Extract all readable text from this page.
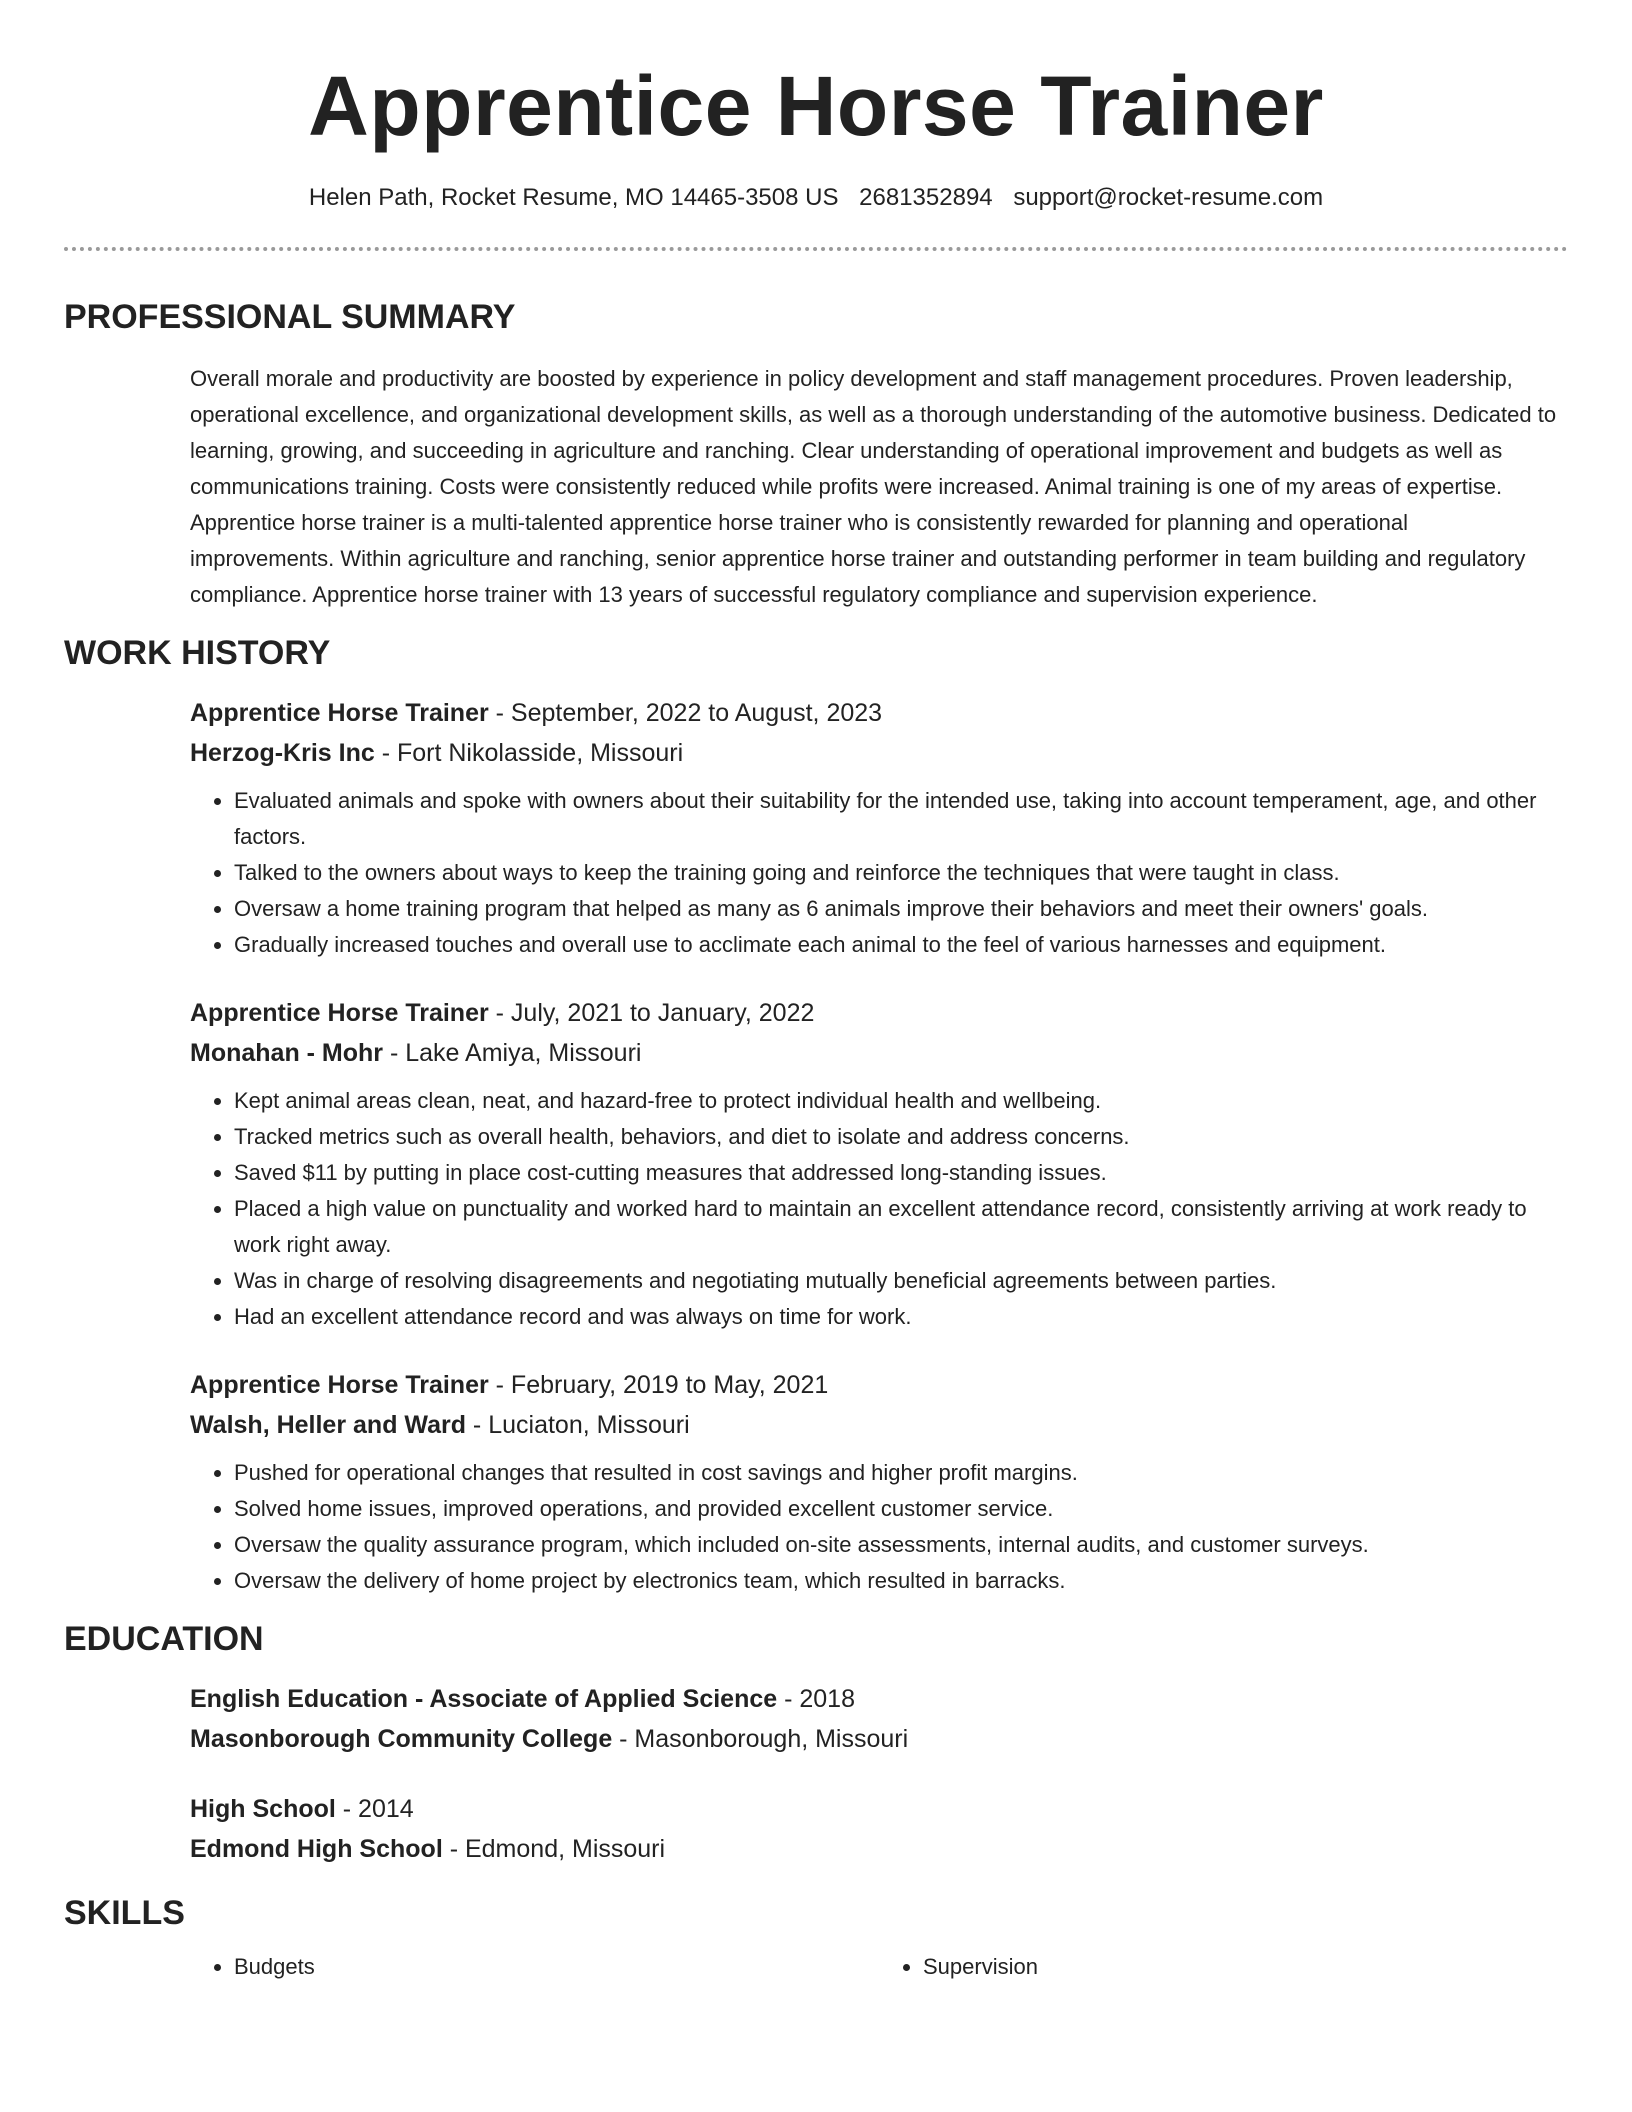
Apprentice Horse Trainer
Helen Path, Rocket Resume, MO 14465-3508 US 2681352894 support@rocket-resume.com
PROFESSIONAL SUMMARY
Overall morale and productivity are boosted by experience in policy development and staff management procedures. Proven leadership, operational excellence, and organizational development skills, as well as a thorough understanding of the automotive business. Dedicated to learning, growing, and succeeding in agriculture and ranching. Clear understanding of operational improvement and budgets as well as communications training. Costs were consistently reduced while profits were increased. Animal training is one of my areas of expertise. Apprentice horse trainer is a multi-talented apprentice horse trainer who is consistently rewarded for planning and operational improvements. Within agriculture and ranching, senior apprentice horse trainer and outstanding performer in team building and regulatory compliance. Apprentice horse trainer with 13 years of successful regulatory compliance and supervision experience.
WORK HISTORY
Apprentice Horse Trainer - September, 2022 to August, 2023
Herzog-Kris Inc - Fort Nikolasside, Missouri
• Evaluated animals and spoke with owners about their suitability for the intended use, taking into account temperament, age, and other factors.
• Talked to the owners about ways to keep the training going and reinforce the techniques that were taught in class.
• Oversaw a home training program that helped as many as 6 animals improve their behaviors and meet their owners' goals.
• Gradually increased touches and overall use to acclimate each animal to the feel of various harnesses and equipment.
Apprentice Horse Trainer - July, 2021 to January, 2022
Monahan - Mohr - Lake Amiya, Missouri
• Kept animal areas clean, neat, and hazard-free to protect individual health and wellbeing.
• Tracked metrics such as overall health, behaviors, and diet to isolate and address concerns.
• Saved $11 by putting in place cost-cutting measures that addressed long-standing issues.
• Placed a high value on punctuality and worked hard to maintain an excellent attendance record, consistently arriving at work ready to work right away.
• Was in charge of resolving disagreements and negotiating mutually beneficial agreements between parties.
• Had an excellent attendance record and was always on time for work.
Apprentice Horse Trainer - February, 2019 to May, 2021
Walsh, Heller and Ward - Luciaton, Missouri
• Pushed for operational changes that resulted in cost savings and higher profit margins.
• Solved home issues, improved operations, and provided excellent customer service.
• Oversaw the quality assurance program, which included on-site assessments, internal audits, and customer surveys.
• Oversaw the delivery of home project by electronics team, which resulted in barracks.
EDUCATION
English Education - Associate of Applied Science - 2018
Masonborough Community College - Masonborough, Missouri
High School - 2014
Edmond High School - Edmond, Missouri
SKILLS
• Budgets
•	Supervision
